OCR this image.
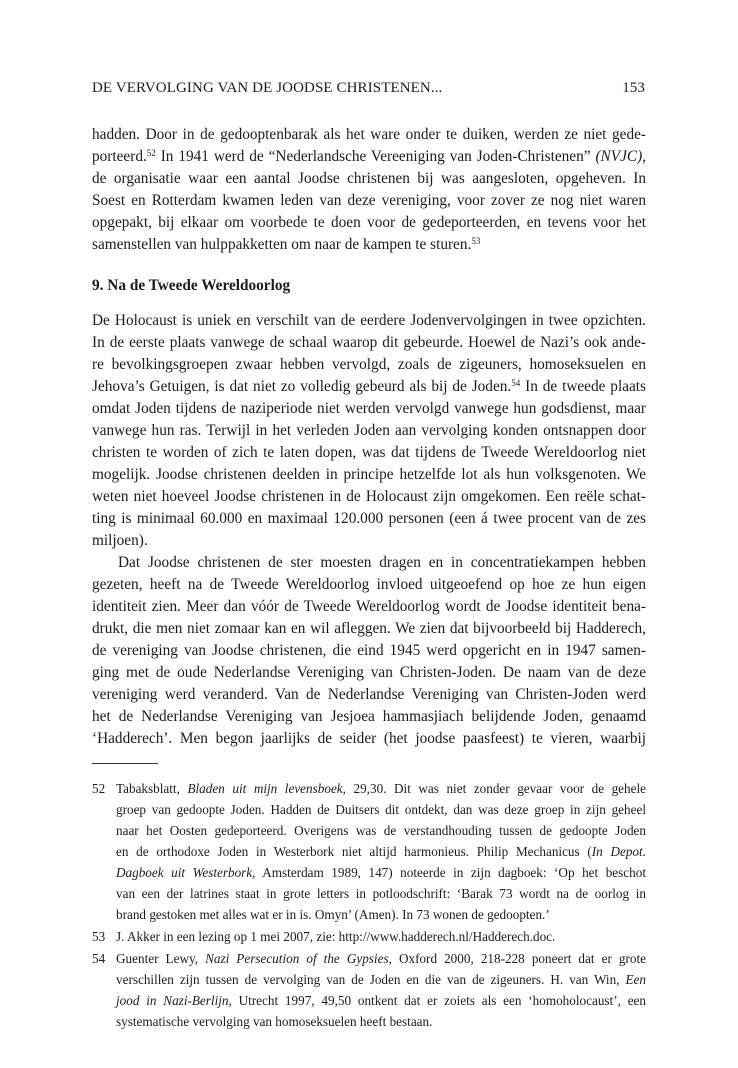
DE VERVOLGING VAN DE JOODSE CHRISTENEN...	153
hadden. Door in de gedooptenbarak als het ware onder te duiken, werden ze niet gede-
porteerd.$^{52}$ In 1941 werd de “Nederlandsche Vereeniging van Joden-Christenen” (NVJC),
de organisatie waar een aantal Joodse christenen bij was aangesloten, opgeheven. In
Soest en Rotterdam kwamen leden van deze vereniging, voor zover ze nog niet waren
opgepakt, bij elkaar om voorbede te doen voor de gedeporteerden, en tevens voor het
samenstellen van hulppakketten om naar de kampen te sturen.$^{53}$
9. Na de Tweede Wereldoorlog
De Holocaust is uniek en verschilt van de eerdere Jodenvervolgingen in twee opzichten.
In de eerste plaats vanwege de schaal waarop dit gebeurde. Hoewel de Nazi’s ook ande-
re bevolkingsgroepen zwaar hebben vervolgd, zoals de zigeuners, homoseksuelen en
Jehova’s Getuigen, is dat niet zo volledig gebeurd als bij de Joden.$^{54}$ In de tweede plaats
omdat Joden tijdens de naziperiode niet werden vervolgd vanwege hun godsdienst, maar
vanwege hun ras. Terwijl in het verleden Joden aan vervolging konden ontsnappen door
christen te worden of zich te laten dopen, was dat tijdens de Tweede Wereldoorlog niet
mogelijk. Joodse christenen deelden in principe hetzelfde lot als hun volksgenoten. We
weten niet hoeveel Joodse christenen in de Holocaust zijn omgekomen. Een reële schat-
ting is minimaal 60.000 en maximaal 120.000 personen (een á twee procent van de zes
miljoen).
Dat Joodse christenen de ster moesten dragen en in concentratiekampen hebben
gezeten, heeft na de Tweede Wereldoorlog invloed uitgeoefend op hoe ze hun eigen
identiteit zien. Meer dan vóór de Tweede Wereldoorlog wordt de Joodse identiteit bena-
drukt, die men niet zomaar kan en wil afleggen. We zien dat bijvoorbeeld bij Hadderech,
de vereniging van Joodse christenen, die eind 1945 werd opgericht en in 1947 samen-
ging met de oude Nederlandse Vereniging van Christen-Joden. De naam van de deze
vereniging werd veranderd. Van de Nederlandse Vereniging van Christen-Joden werd
het de Nederlandse Vereniging van Jesjoea hammasjiach belijdende Joden, genaamd
‘Hadderech’. Men begon jaarlijks de seider (het joodse paasfeest) te vieren, waarbij
52 Tabaksblatt, Bladen uit mijn levensboek, 29,30. Dit was niet zonder gevaar voor de gehele
groep van gedoopte Joden. Hadden de Duitsers dit ontdekt, dan was deze groep in zijn geheel
naar het Oosten gedeporteerd. Overigens was de verstandhouding tussen de gedoopte Joden
en de orthodoxe Joden in Westerbork niet altijd harmonieus. Philip Mechanicus (In Depot.
Dagboek uit Westerbork, Amsterdam 1989, 147) noteerde in zijn dagboek: ‘Op het beschot
van een der latrines staat in grote letters in potloodschrift: ‘Barak 73 wordt na de oorlog in
brand gestoken met alles wat er in is. Omyn’ (Amen). In 73 wonen de gedoopten.’
53 J. Akker in een lezing op 1 mei 2007, zie: http://www.hadderech.nl/Hadderech.doc.
54 Guenter Lewy, Nazi Persecution of the Gypsies, Oxford 2000, 218-228 poneert dat er grote
verschillen zijn tussen de vervolging van de Joden en die van de zigeuners. H. van Win, Een
jood in Nazi-Berlijn, Utrecht 1997, 49,50 ontkent dat er zoiets als een ‘homoholocaust’, een
systematische vervolging van homoseksuelen heeft bestaan.
